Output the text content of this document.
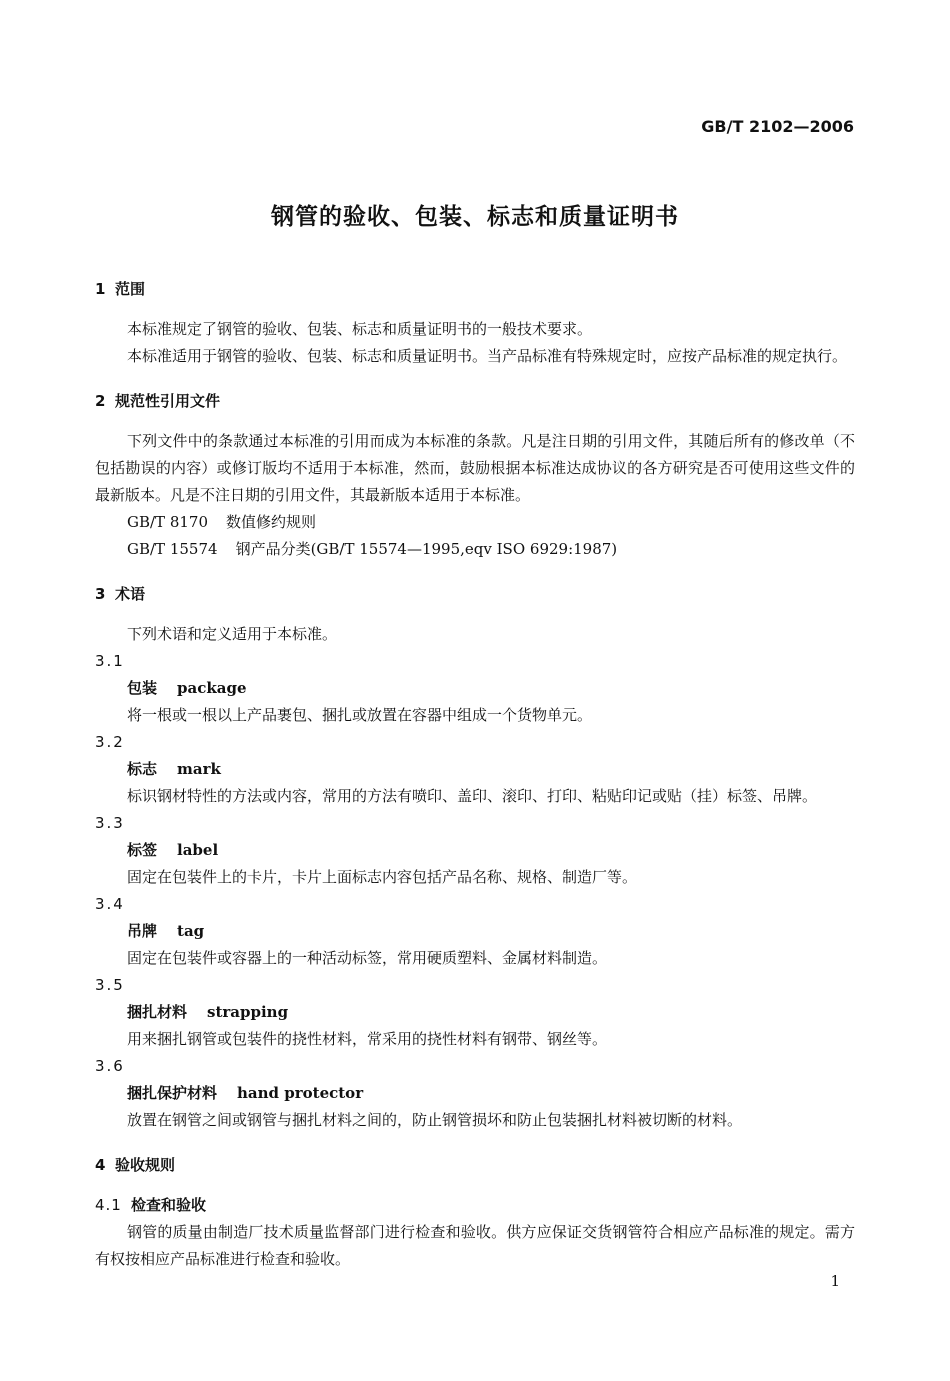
GB/T 2102—2006
钢管的验收、包装、标志和质量证明书
1 范围

本标准规定了钢管的验收、包装、标志和质量证明书的一般技术要求。

本标准适用于钢管的验收、包装、标志和质量证明书。当产品标准有特殊规定时，应按产品标准的规定执行。

2 规范性引用文件

下列文件中的条款通过本标准的引用而成为本标准的条款。凡是注日期的引用文件，其随后所有的修改单（不包括勘误的内容）或修订版均不适用于本标准，然而，鼓励根据本标准达成协议的各方研究是否可使用这些文件的最新版本。凡是不注日期的引用文件，其最新版本适用于本标准。

GB/T 8170 数值修约规则

GB/T 15574 钢产品分类(GB/T 15574—1995,eqv ISO 6929:1987)

3 术语

下列术语和定义适用于本标准。

3.1
包装 package
将一根或一根以上产品裹包、捆扎或放置在容器中组成一个货物单元。
3.2
标志 mark
标识钢材特性的方法或内容，常用的方法有喷印、盖印、滚印、打印、粘贴印记或贴（挂）标签、吊牌。
3.3
标签 label
固定在包装件上的卡片，卡片上面标志内容包括产品名称、规格、制造厂等。
3.4
吊牌 tag
固定在包装件或容器上的一种活动标签，常用硬质塑料、金属材料制造。
3.5
捆扎材料 strapping
用来捆扎钢管或包装件的挠性材料，常采用的挠性材料有钢带、钢丝等。
3.6
捆扎保护材料 hand protector
放置在钢管之间或钢管与捆扎材料之间的，防止钢管损坏和防止包装捆扎材料被切断的材料。
4 验收规则
4.1 检查和验收

钢管的质量由制造厂技术质量监督部门进行检查和验收。供方应保证交货钢管符合相应产品标准的规定。需方有权按相应产品标准进行检查和验收。

1
